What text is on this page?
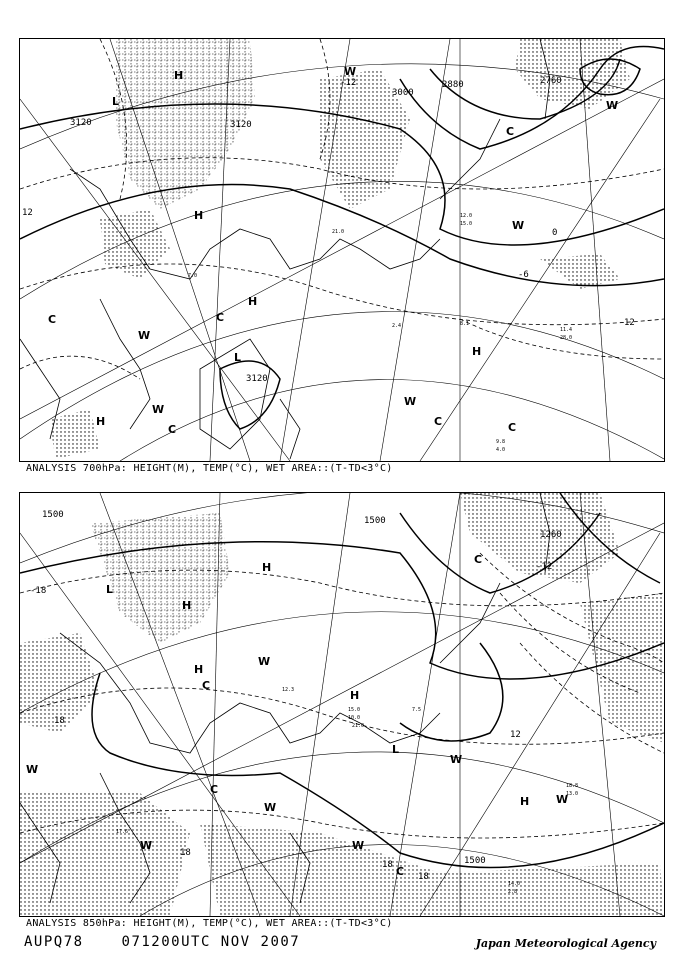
3120	3120
3000
2880	2760
3120
12
-12
0
-6
12
H
L
H
H
C
L
W
H
C
W
W
H
W
C
C
W
W
C
C
11.4
28.0
9.8
4.0
2.4	8.1
7.0
15.0
12.0
21.0
ANALYSIS 700hPa: HEIGHT(M), TEMP(°C), WET AREA::(T-TD<3°C)
1500
1500
1500
-18
18
18
18
12
-12
1260
18
L
H
H
H
C
W
H
W
C
W
C
W
W
H
W
C
L
W
15.0
10.0
21.0
12.3
7.5
18.8
13.0
17.6
14.0
2.8
ANALYSIS 850hPa: HEIGHT(M), TEMP(°C), WET AREA::(T-TD<3°C)
AUPQ78	071200UTC NOV 2007	Japan Meteorological Agency
